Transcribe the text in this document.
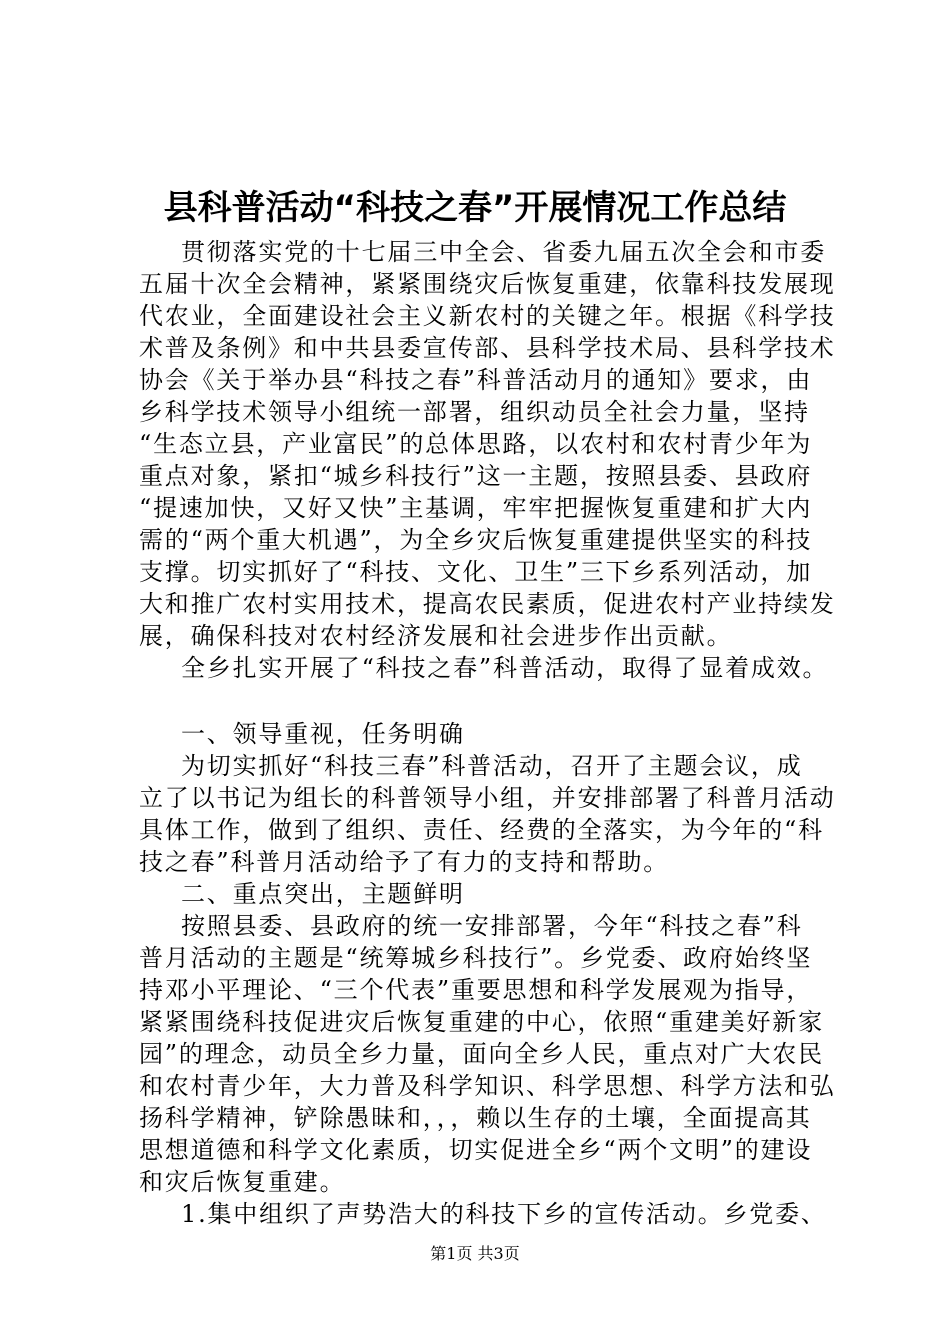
县科普活动“科技之春”开展情况工作总结
贯彻落实党的十七届三中全会、省委九届五次全会和市委
五届十次全会精神，紧紧围绕灾后恢复重建，依靠科技发展现
代农业，全面建设社会主义新农村的关键之年。根据《科学技
术普及条例》和中共县委宣传部、县科学技术局、县科学技术
协会《关于举办县“科技之春”科普活动月的通知》要求，由
乡科学技术领导小组统一部署，组织动员全社会力量，坚持
“生态立县，产业富民”的总体思路，以农村和农村青少年为
重点对象，紧扣“城乡科技行”这一主题，按照县委、县政府
“提速加快，又好又快”主基调，牢牢把握恢复重建和扩大内
需的“两个重大机遇”，为全乡灾后恢复重建提供坚实的科技
支撑。切实抓好了“科技、文化、卫生”三下乡系列活动，加
大和推广农村实用技术，提高农民素质，促进农村产业持续发
展，确保科技对农村经济发展和社会进步作出贡献。
全乡扎实开展了“科技之春”科普活动，取得了显着成效。
一、领导重视，任务明确
为切实抓好“科技三春”科普活动，召开了主题会议，成
立了以书记为组长的科普领导小组，并安排部署了科普月活动
具体工作，做到了组织、责任、经费的全落实，为今年的“科
技之春”科普月活动给予了有力的支持和帮助。
二、重点突出，主题鲜明
按照县委、县政府的统一安排部署，今年“科技之春”科
普月活动的主题是“统筹城乡科技行”。乡党委、政府始终坚
持邓小平理论、“三个代表”重要思想和科学发展观为指导，
紧紧围绕科技促进灾后恢复重建的中心，依照“重建美好新家
园”的理念，动员全乡力量，面向全乡人民，重点对广大农民
和农村青少年，大力普及科学知识、科学思想、科学方法和弘
扬科学精神，铲除愚昧和，，，赖以生存的土壤，全面提高其
思想道德和科学文化素质，切实促进全乡“两个文明”的建设
和灾后恢复重建。
1.集中组织了声势浩大的科技下乡的宣传活动。乡党委、
第1页 共3页
